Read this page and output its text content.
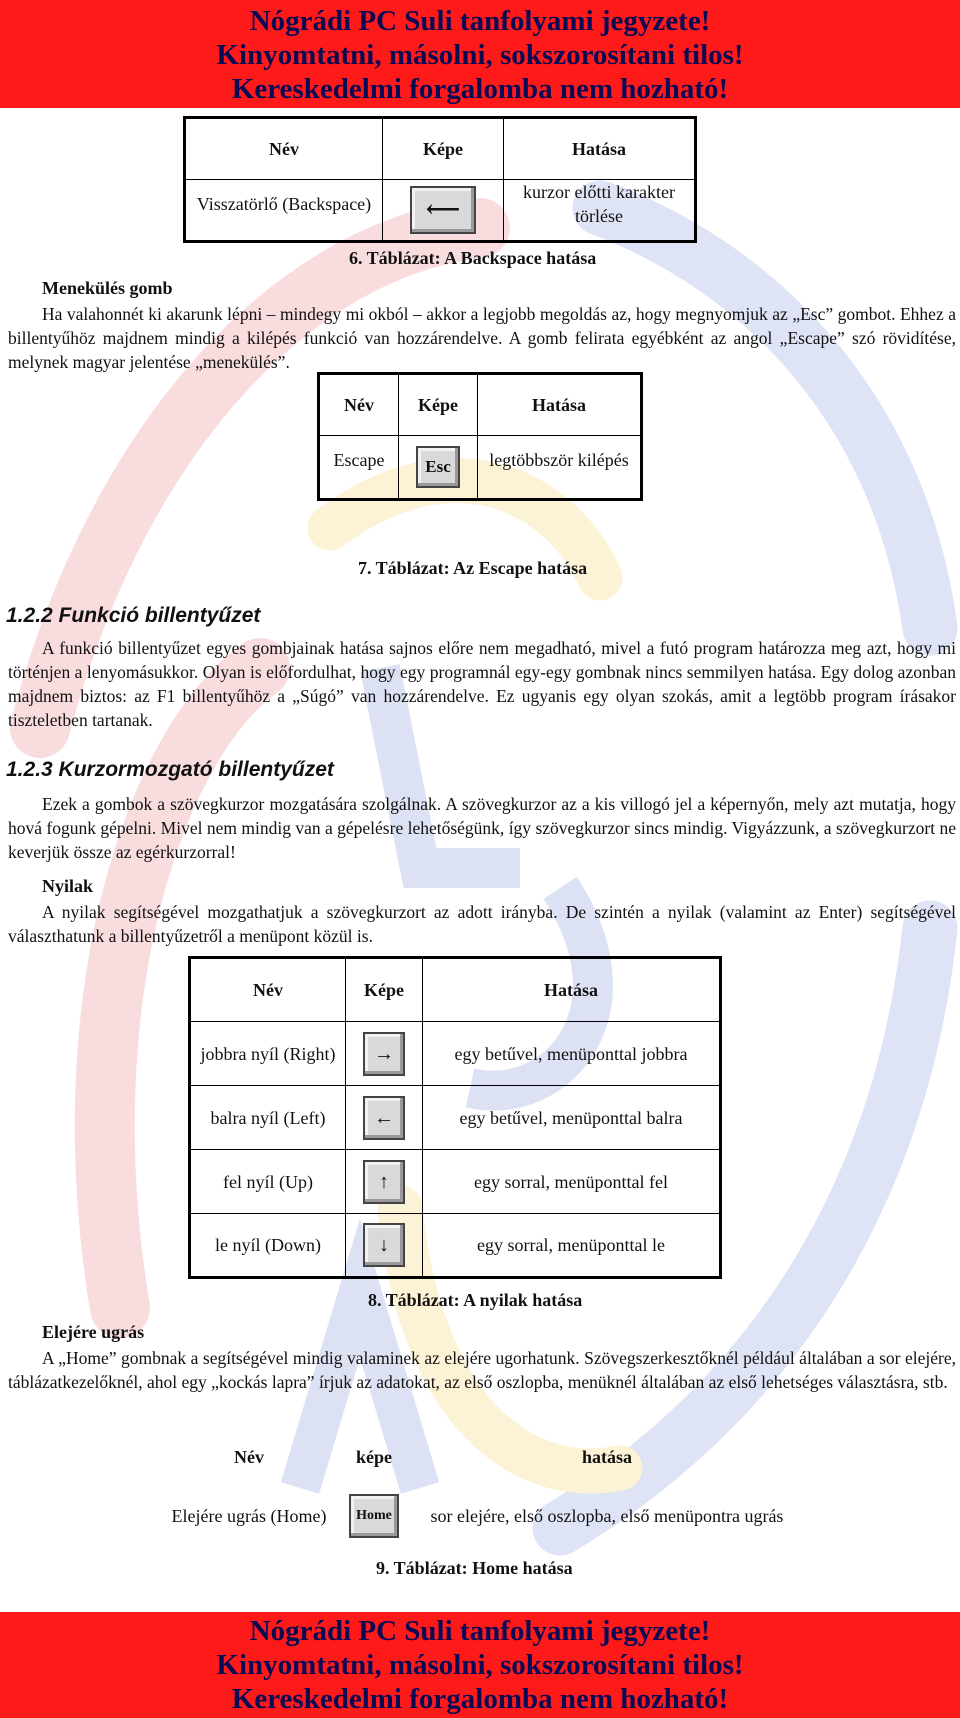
Nógrádi PC Suli tanfolyami jegyzete!
Kinyomtatni, másolni, sokszorosítani tilos!
Kereskedelmi forgalomba nem hozható!
Név	Képe	Hatása
Visszatörlő (Backspace)	⟵	kurzor előtti karakter törlése
6. Táblázat: A Backspace hatása
Menekülés gomb
Ha valahonnét ki akarunk lépni – mindegy mi okból – akkor a legjobb megoldás az, hogy megnyomjuk az „Esc” gombot. Ehhez a billentyűhöz majdnem mindig a kilépés funkció van hozzárendelve. A gomb felirata egyébként az angol „Escape” szó rövidítése, melynek magyar jelentése „menekülés”.
Név	Képe	Hatása
Escape	Esc	legtöbbször kilépés
7. Táblázat: Az Escape hatása
1.2.2 Funkció billentyűzet
A funkció billentyűzet egyes gombjainak hatása sajnos előre nem megadható, mivel a futó program határozza meg azt, hogy mi történjen a lenyomásukkor. Olyan is előfordulhat, hogy egy programnál egy-egy gombnak nincs semmilyen hatása. Egy dolog azonban majdnem biztos: az F1 billentyűhöz a „Súgó” van hozzárendelve. Ez ugyanis egy olyan szokás, amit a legtöbb program írásakor tiszteletben tartanak.
1.2.3 Kurzormozgató billentyűzet
Ezek a gombok a szövegkurzor mozgatására szolgálnak. A szövegkurzor az a kis villogó jel a képernyőn, mely azt mutatja, hogy hová fogunk gépelni. Mivel nem mindig van a gépelésre lehetőségünk, így szövegkurzor sincs mindig. Vigyázzunk, a szövegkurzort ne keverjük össze az egérkurzorral!
Nyilak
A nyilak segítségével mozgathatjuk a szövegkurzort az adott irányba. De szintén a nyilak (valamint az Enter) segítségével választhatunk a billentyűzetről a menüpont közül is.
Név	Képe	Hatása
jobbra nyíl (Right)	→	egy betűvel, menüponttal jobbra
balra nyíl (Left)	←	egy betűvel, menüponttal balra
fel nyíl (Up)	↑	egy sorral, menüponttal fel
le nyíl (Down)	↓	egy sorral, menüponttal le
8. Táblázat: A nyilak hatása
Elejére ugrás
A „Home” gombnak a segítségével mindig valaminek az elejére ugorhatunk. Szövegszerkesztőknél például általában a sor elejére, táblázatkezelőknél, ahol egy „kockás lapra” írjuk az adatokat, az első oszlopba, menüknél általában az első lehetséges választásra, stb.
Név	képe	hatása
Elejére ugrás (Home)	Home	sor elejére, első oszlopba, első menüpontra ugrás
9. Táblázat: Home hatása
Nógrádi PC Suli tanfolyami jegyzete!
Kinyomtatni, másolni, sokszorosítani tilos!
Kereskedelmi forgalomba nem hozható!
